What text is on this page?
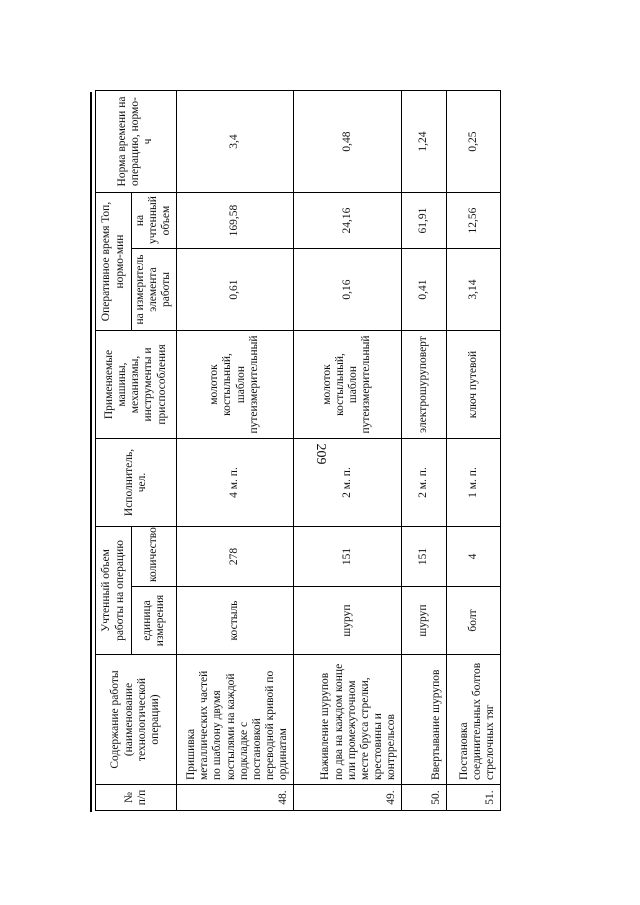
209
№ п/п	Содержание работы (наименование технологической операции)	Учтенный объем работы на операцию		Исполнитель, чел.	Применяемые машины, механизмы, инструменты и приспособления	Оперативное время Топ, нормо-мин		Норма времени на операцию, нормо-ч
		единица измерения	количество			на измеритель элемента работы	на учтенный объем	
48.	Пришивка металлических частей по шаблону двумя костылями на каждой подкладке с постановкой переводной кривой по ординатам	костыль	278	4 м. п.	молоток костыльный, шаблон путеизмерительный	0,61	169,58	3,4
49.	Наживление шурупов по два на каждом конце или промежуточном месте бруса стрелки, крестовины и контррельсов	шуруп	151	2 м. п.	молоток костыльный, шаблон путеизмерительный	0,16	24,16	0,48
50.	Ввертывание шурупов	шуруп	151	2 м. п.	электрошуруповерт	0,41	61,91	1,24
51.	Постановка соединительных болтов стрелочных тяг	болт	4	1 м. п.	ключ путевой	3,14	12,56	0,25
